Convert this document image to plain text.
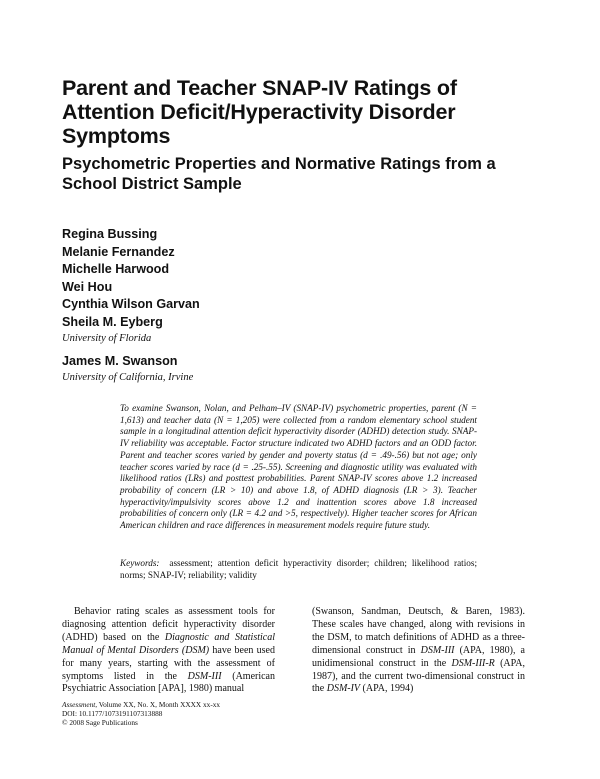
Parent and Teacher SNAP-IV Ratings of Attention Deficit/Hyperactivity Disorder Symptoms
Psychometric Properties and Normative Ratings from a School District Sample

Regina Bussing

Melanie Fernandez

Michelle Harwood

Wei Hou

Cynthia Wilson Garvan

Sheila M. Eyberg

University of Florida

James M. Swanson

University of California, Irvine

To examine Swanson, Nolan, and Pelham–IV (SNAP-IV) psychometric properties, parent (N = 1,613) and teacher data (N = 1,205) were collected from a random elementary school student sample in a longitudinal attention deficit hyperactivity disorder (ADHD) detection study. SNAP-IV reliability was acceptable. Factor structure indicated two ADHD factors and an ODD factor. Parent and teacher scores varied by gender and poverty status (d = .49-.56) but not age; only teacher scores varied by race (d = .25-.55). Screening and diagnostic utility was evaluated with likelihood ratios (LRs) and posttest probabilities. Parent SNAP-IV scores above 1.2 increased probability of concern (LR > 10) and above 1.8, of ADHD diagnosis (LR > 3). Teacher hyperactivity/impulsivity scores above 1.2 and inattention scores above 1.8 increased probabilities of concern only (LR = 4.2 and >5, respectively). Higher teacher scores for African American children and race differences in measurement models require future study.

Keywords: assessment; attention deficit hyperactivity disorder; children; likelihood ratios; norms; SNAP-IV; reliability; validity

Behavior rating scales as assessment tools for diagnosing attention deficit hyperactivity disorder (ADHD) based on the Diagnostic and Statistical Manual of Mental Disorders (DSM) have been used for many years, starting with the assessment of symptoms listed in the DSM-III (American Psychiatric Association [APA], 1980) manual

(Swanson, Sandman, Deutsch, & Baren, 1983). These scales have changed, along with revisions in the DSM, to match definitions of ADHD as a three-dimensional construct in DSM-III (APA, 1980), a unidimensional construct in the DSM-III-R (APA, 1987), and the current two-dimensional construct in the DSM-IV (APA, 1994)

Assessment, Volume XX, No. X, Month XXXX xx-xx
DOI: 10.1177/1073191107313888
© 2008 Sage Publications
